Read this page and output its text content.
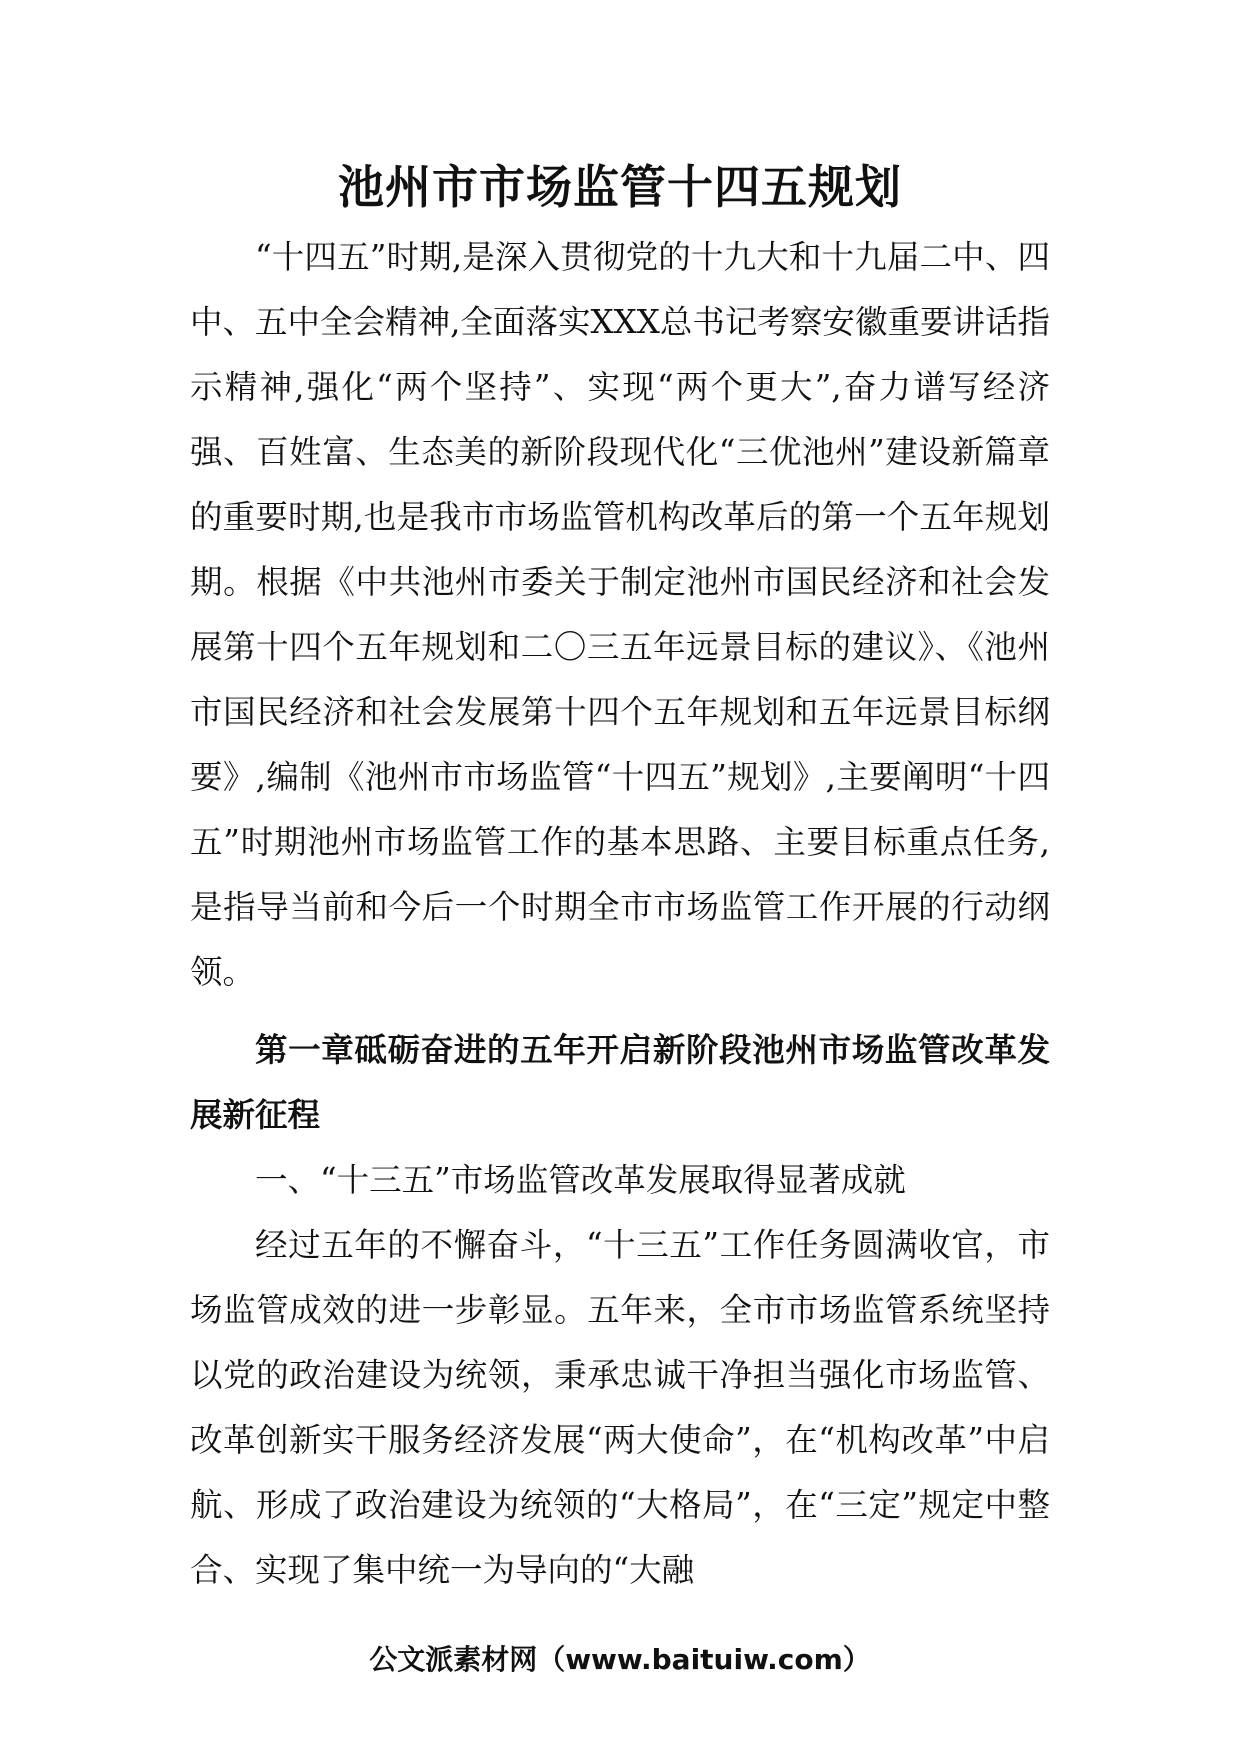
池州市市场监管十四五规划

“十四五”时期,是深入贯彻党的十九大和十九届二中、四中、五中全会精神,全面落实XXX总书记考察安徽重要讲话指示精神,强化“两个坚持”、实现“两个更大”,奋力谱写经济强、百姓富、生态美的新阶段现代化“三优池州”建设新篇章的重要时期,也是我市市场监管机构改革后的第一个五年规划期。根据《中共池州市委关于制定池州市国民经济和社会发展第十四个五年规划和二〇三五年远景目标的建议》、《池州市国民经济和社会发展第十四个五年规划和五年远景目标纲要》,编制《池州市市场监管“十四五”规划》,主要阐明“十四五”时期池州市场监管工作的基本思路、主要目标重点任务,是指导当前和今后一个时期全市市场监管工作开展的行动纲领。

第一章砥砺奋进的五年开启新阶段池州市场监管改革发展新征程

一、“十三五”市场监管改革发展取得显著成就

经过五年的不懈奋斗，“十三五”工作任务圆满收官，市场监管成效的进一步彰显。五年来，全市市场监管系统坚持以党的政治建设为统领，秉承忠诚干净担当强化市场监管、改革创新实干服务经济发展“两大使命”，在“机构改革”中启航、形成了政治建设为统领的“大格局”，在“三定”规定中整合、实现了集中统一为导向的“大融

公文派素材网（www.baituiw.com）
